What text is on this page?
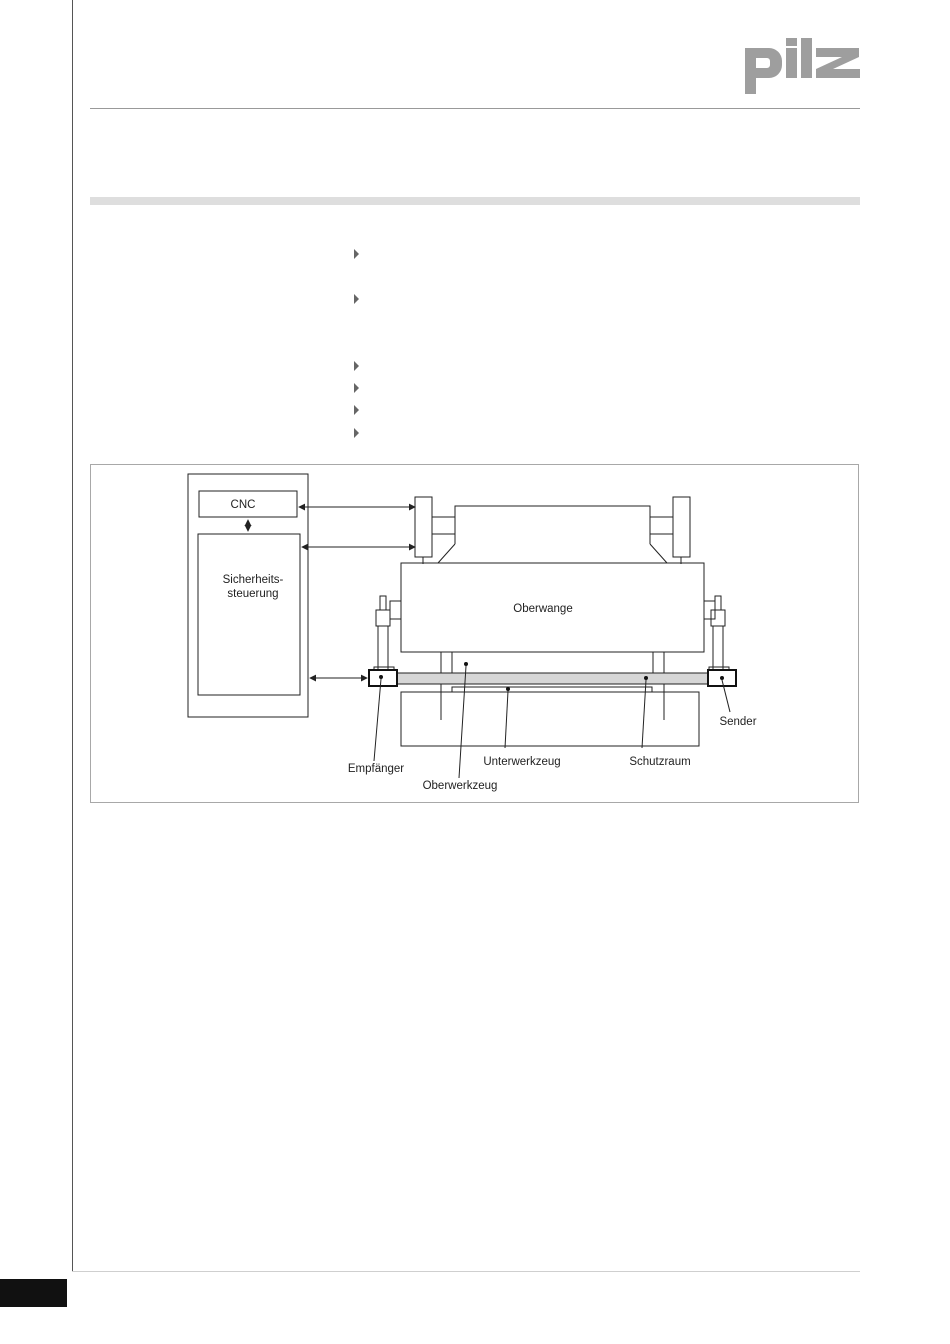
CNC
Sicherheits-
steuerung
Oberwange
Sender
Empfänger
Unterwerkzeug	Schutzraum
Oberwerkzeug
